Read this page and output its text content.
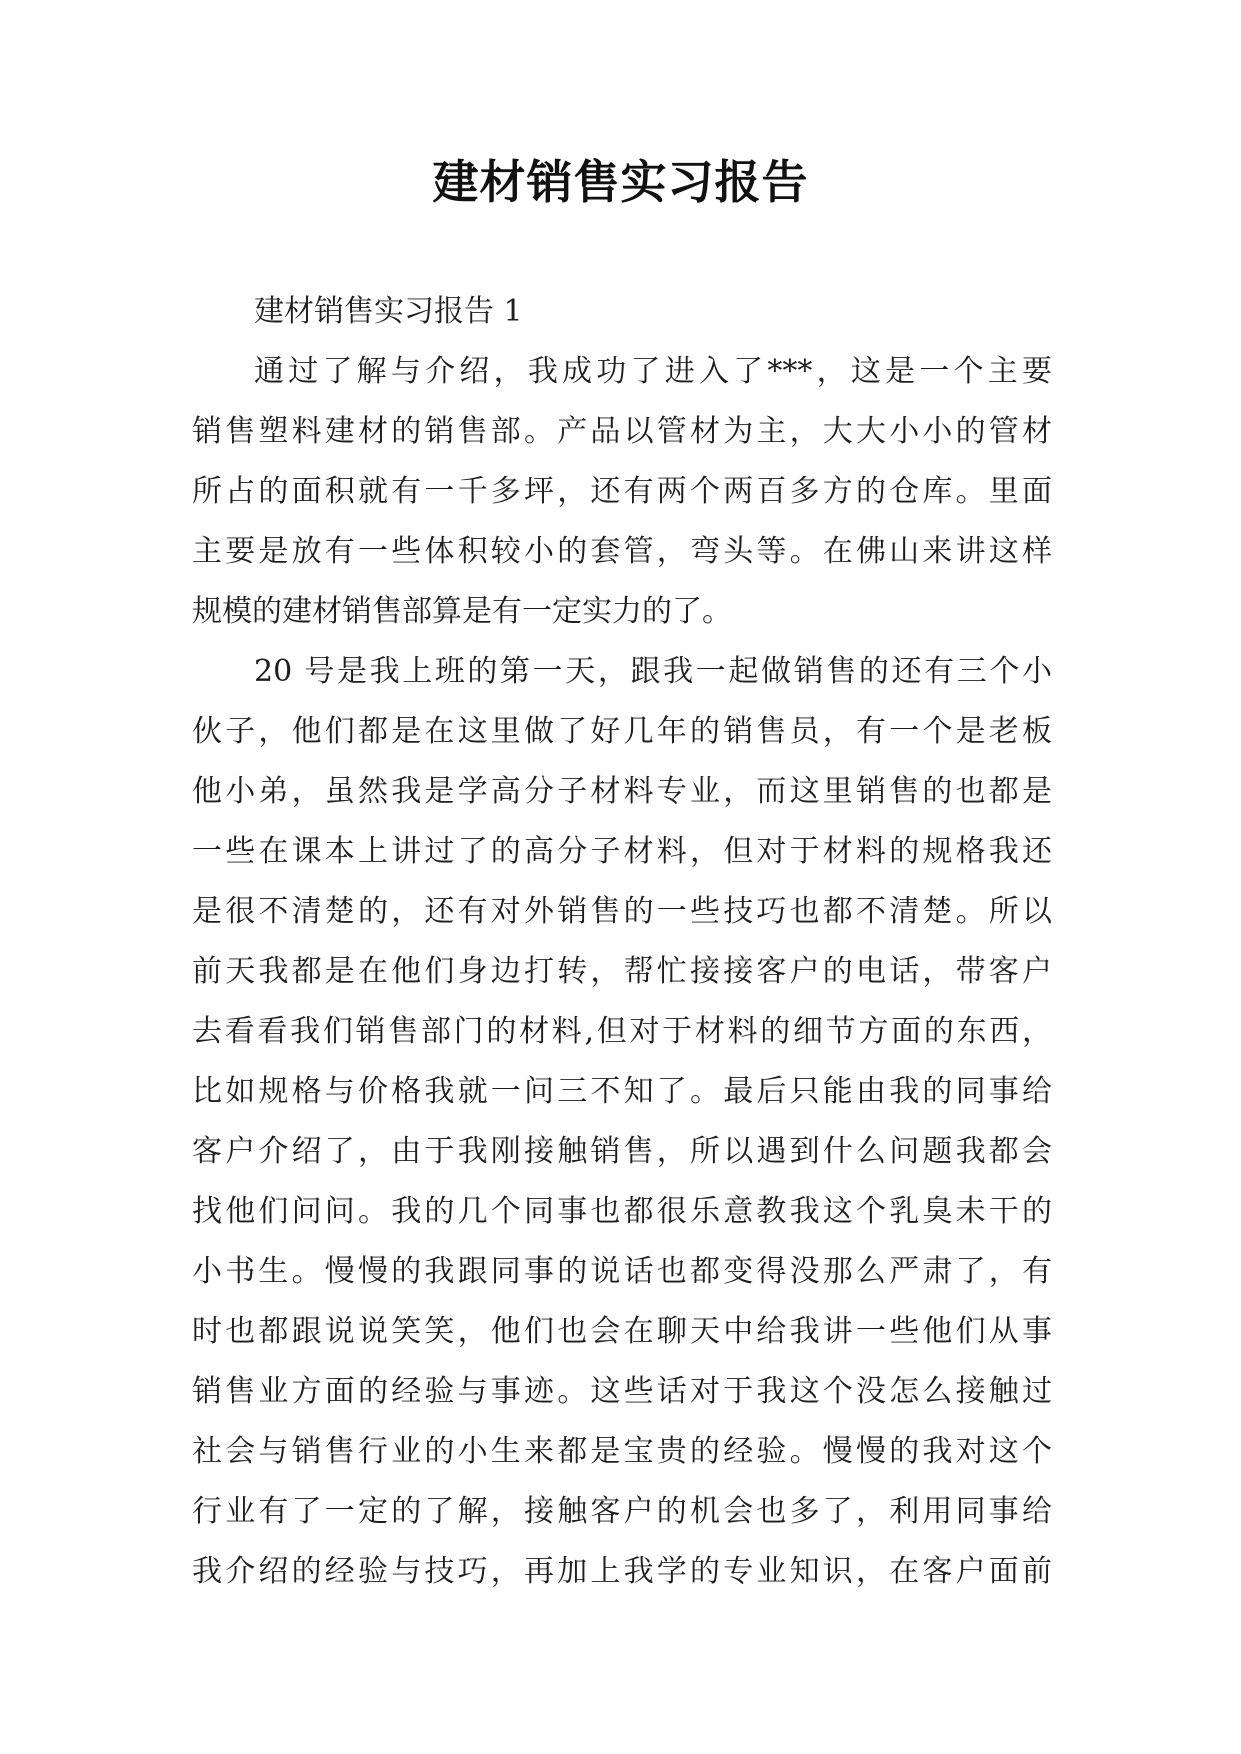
建材销售实习报告
建材销售实习报告 1
通过了解与介绍，我成功了进入了***，这是一个主要
销售塑料建材的销售部。产品以管材为主，大大小小的管材
所占的面积就有一千多坪，还有两个两百多方的仓库。里面
主要是放有一些体积较小的套管，弯头等。在佛山来讲这样
规模的建材销售部算是有一定实力的了。
20 号是我上班的第一天，跟我一起做销售的还有三个小
伙子，他们都是在这里做了好几年的销售员，有一个是老板
他小弟，虽然我是学高分子材料专业，而这里销售的也都是
一些在课本上讲过了的高分子材料，但对于材料的规格我还
是很不清楚的，还有对外销售的一些技巧也都不清楚。所以
前天我都是在他们身边打转，帮忙接接客户的电话，带客户
去看看我们销售部门的材料,但对于材料的细节方面的东西，
比如规格与价格我就一问三不知了。最后只能由我的同事给
客户介绍了，由于我刚接触销售，所以遇到什么问题我都会
找他们问问。我的几个同事也都很乐意教我这个乳臭未干的
小书生。慢慢的我跟同事的说话也都变得没那么严肃了，有
时也都跟说说笑笑，他们也会在聊天中给我讲一些他们从事
销售业方面的经验与事迹。这些话对于我这个没怎么接触过
社会与销售行业的小生来都是宝贵的经验。慢慢的我对这个
行业有了一定的了解，接触客户的机会也多了，利用同事给
我介绍的经验与技巧，再加上我学的专业知识，在客户面前
